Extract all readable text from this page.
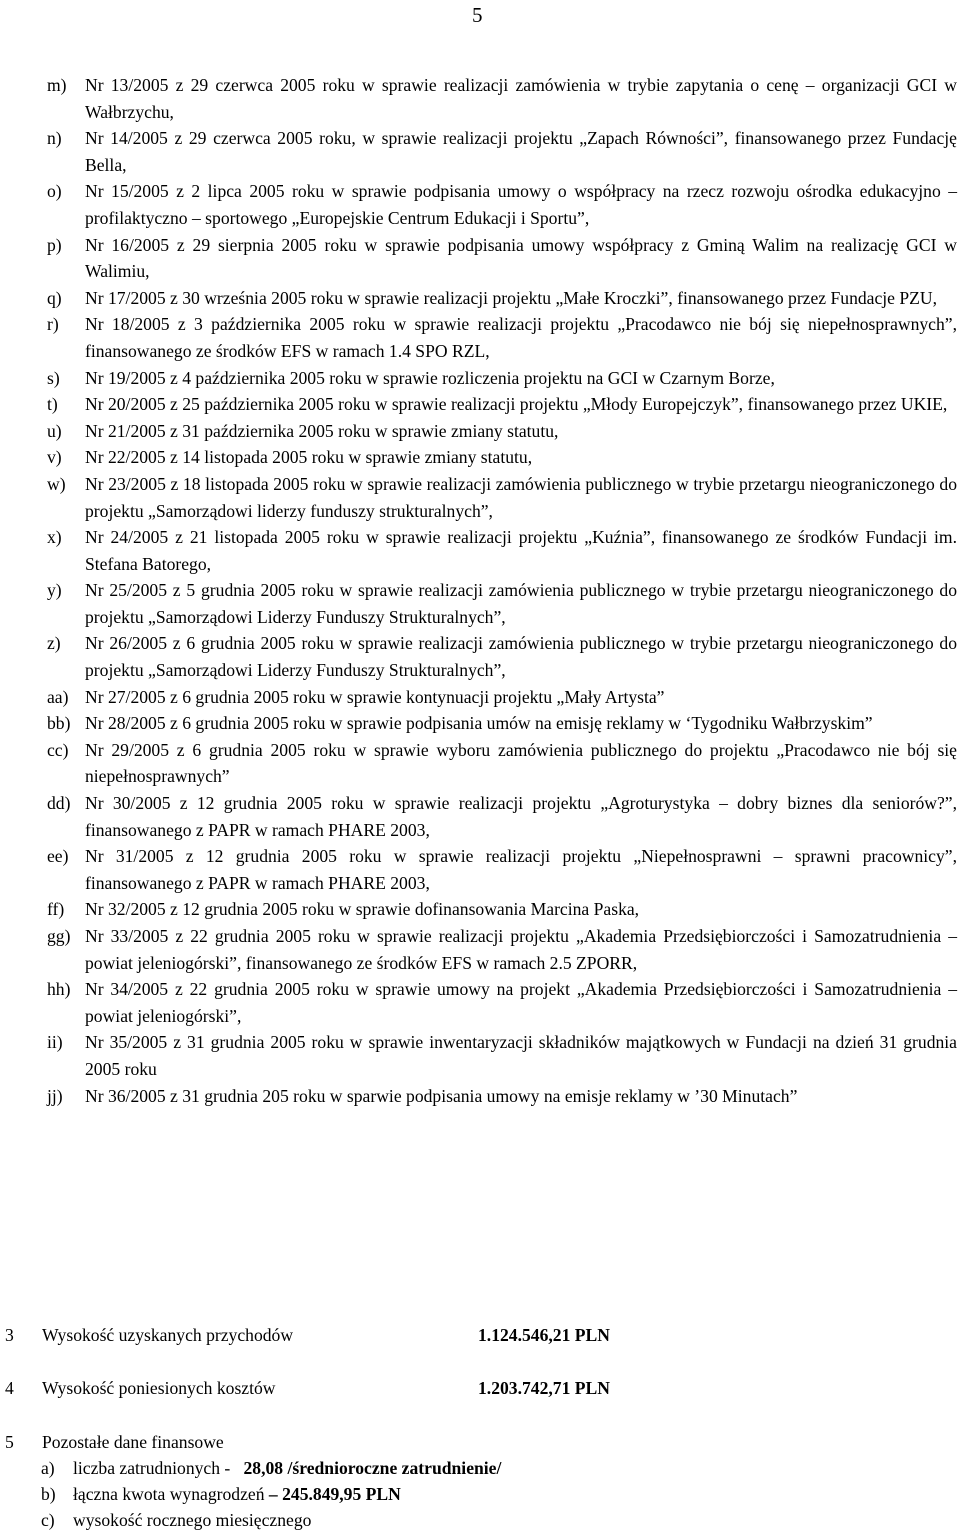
5
m)	Nr 13/2005 z 29 czerwca 2005 roku w sprawie realizacji zamówienia w trybie zapytania o cenę – organizacji GCI w Wałbrzychu,
n)	Nr 14/2005 z 29 czerwca 2005 roku, w sprawie realizacji projektu „Zapach Równości”, finansowanego przez Fundację Bella,
o)	Nr 15/2005 z 2 lipca 2005 roku w sprawie podpisania umowy o współpracy na rzecz rozwoju ośrodka edukacyjno – profilaktyczno – sportowego „Europejskie Centrum Edukacji i Sportu”,
p)	Nr 16/2005 z 29 sierpnia 2005 roku w sprawie podpisania umowy współpracy z Gminą Walim na realizację GCI w Walimiu,
q)	Nr 17/2005 z 30 września 2005 roku w sprawie realizacji projektu „Małe Kroczki”, finansowanego przez Fundacje PZU,
r)	Nr 18/2005 z 3 października 2005 roku w sprawie realizacji projektu „Pracodawco nie bój się niepełnosprawnych”, finansowanego ze środków EFS w ramach 1.4 SPO RZL,
s)	Nr 19/2005 z 4 października 2005 roku w sprawie rozliczenia projektu na GCI w Czarnym Borze,
t)	Nr 20/2005 z 25 października 2005 roku w sprawie realizacji projektu „Młody Europejczyk”, finansowanego przez UKIE,
u)	Nr 21/2005 z 31 października 2005 roku w sprawie zmiany statutu,
v)	Nr 22/2005 z 14 listopada 2005 roku w sprawie zmiany statutu,
w)	Nr 23/2005 z 18 listopada 2005 roku w sprawie realizacji zamówienia publicznego w trybie przetargu nieograniczonego do projektu „Samorządowi liderzy funduszy strukturalnych”,
x)	Nr 24/2005 z 21 listopada 2005 roku w sprawie realizacji projektu „Kuźnia”, finansowanego ze środków Fundacji im. Stefana Batorego,
y)	Nr 25/2005 z 5 grudnia 2005 roku w sprawie realizacji zamówienia publicznego w trybie przetargu nieograniczonego do projektu „Samorządowi Liderzy Funduszy Strukturalnych”,
z)	Nr 26/2005 z 6 grudnia 2005 roku w sprawie realizacji zamówienia publicznego w trybie przetargu nieograniczonego do projektu „Samorządowi Liderzy Funduszy Strukturalnych”,
aa) Nr 27/2005 z 6 grudnia 2005 roku w sprawie kontynuacji projektu „Mały Artysta”
bb) Nr 28/2005 z 6 grudnia 2005 roku w sprawie podpisania umów na emisję reklamy w ‘Tygodniku Wałbrzyskim”
cc) Nr 29/2005 z 6 grudnia 2005 roku w sprawie wyboru zamówienia publicznego do projektu „Pracodawco nie bój się niepełnosprawnych”
dd) Nr 30/2005 z 12 grudnia 2005 roku w sprawie realizacji projektu „Agroturystyka – dobry biznes dla seniorów?”, finansowanego z PAPR w ramach PHARE 2003,
ee) Nr 31/2005 z 12 grudnia 2005 roku w sprawie realizacji projektu „Niepełnosprawni – sprawni pracownicy”, finansowanego z PAPR w ramach PHARE 2003,
ff)	Nr 32/2005 z 12 grudnia 2005 roku w sprawie dofinansowania Marcina Paska,
gg) Nr 33/2005 z 22 grudnia 2005 roku w sprawie realizacji projektu „Akademia Przedsiębiorczości i Samozatrudnienia – powiat jeleniogórski”, finansowanego ze środków EFS w ramach 2.5 ZPORR,
hh) Nr 34/2005 z 22 grudnia 2005 roku w sprawie umowy na projekt „Akademia Przedsiębiorczości i Samozatrudnienia – powiat jeleniogórski”,
ii)	Nr 35/2005 z 31 grudnia 2005 roku w sprawie inwentaryzacji składników majątkowych w Fundacji na dzień 31 grudnia 2005 roku
jj)	Nr 36/2005 z 31 grudnia 205 roku w sparwie podpisania umowy na emisje reklamy w ’30 Minutach”
3 Wysokość uzyskanych przychodów	1.124.546,21 PLN
4 Wysokość poniesionych kosztów	1.203.742,71 PLN
5 Pozostałe dane finansowe
a) liczba zatrudnionych - 28,08 /średnioroczne zatrudnienie/
b) łączna kwota wynagrodzeń – 245.849,95 PLN
c) wysokość rocznego miesięcznego
